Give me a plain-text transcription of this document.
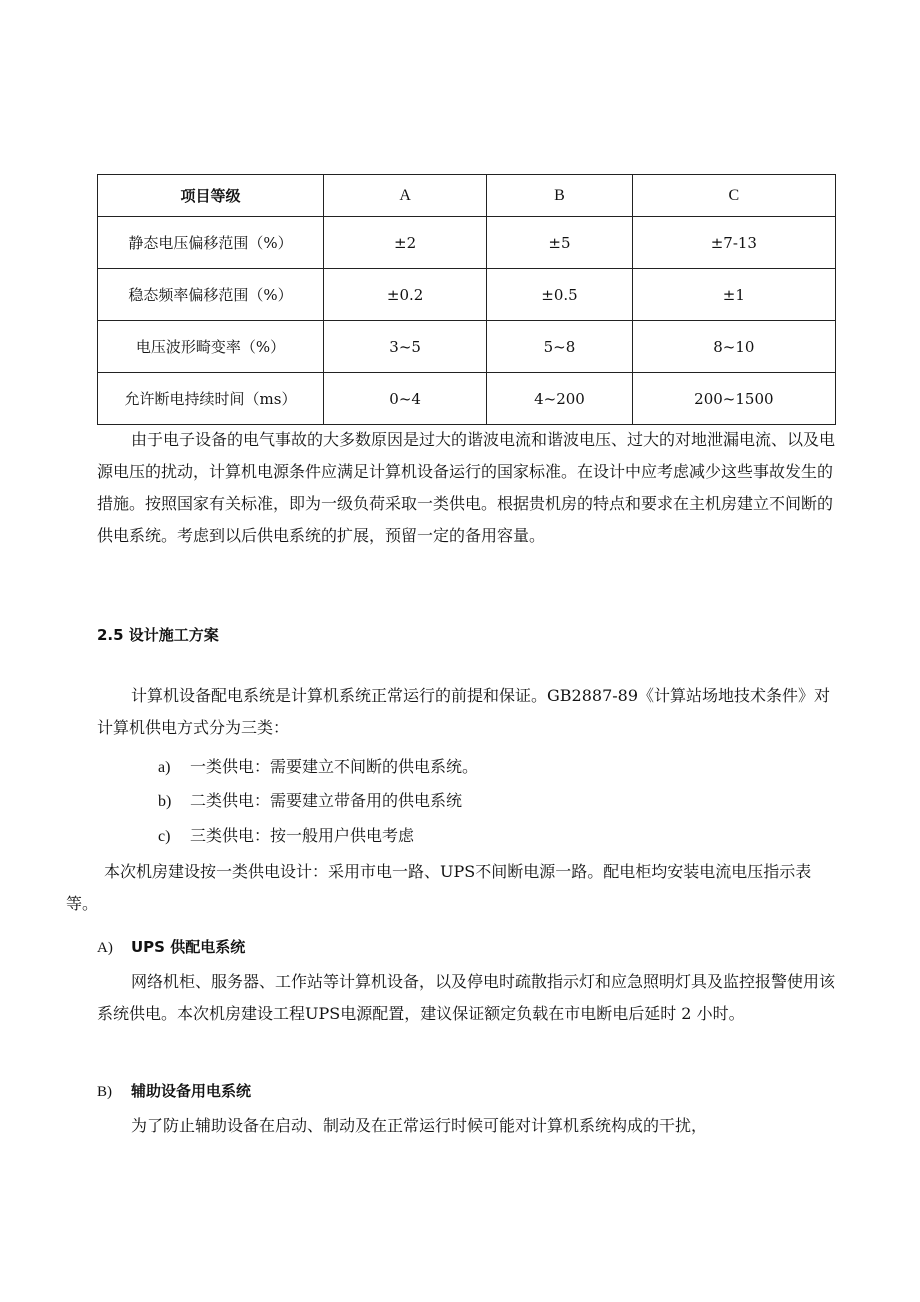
项目等级	A	B	C
静态电压偏移范围（%）	±2	±5	±7-13
稳态频率偏移范围（%）	±0.2	±0.5	±1
电压波形畸变率（%）	3~5	5~8	8~10
允许断电持续时间（ms）	0~4	4~200	200~1500
由于电子设备的电气事故的大多数原因是过大的谐波电流和谐波电压、过大的对地泄漏电流、以及电源电压的扰动，计算机电源条件应满足计算机设备运行的国家标准。在设计中应考虑减少这些事故发生的措施。按照国家有关标准，即为一级负荷采取一类供电。根据贵机房的特点和要求在主机房建立不间断的供电系统。考虑到以后供电系统的扩展，预留一定的备用容量。
2.5 设计施工方案
计算机设备配电系统是计算机系统正常运行的前提和保证。GB2887-89《计算站场地技术条件》对计算机供电方式分为三类：
a) 一类供电：需要建立不间断的供电系统。
b) 二类供电：需要建立带备用的供电系统
c) 三类供电：按一般用户供电考虑
本次机房建设按一类供电设计：采用市电一路、UPS不间断电源一路。配电柜均安装电流电压指示表等。
A) UPS 供配电系统
网络机柜、服务器、工作站等计算机设备，以及停电时疏散指示灯和应急照明灯具及监控报警使用该系统供电。本次机房建设工程UPS电源配置，建议保证额定负载在市电断电后延时 2 小时。
B) 辅助设备用电系统
为了防止辅助设备在启动、制动及在正常运行时候可能对计算机系统构成的干扰，
